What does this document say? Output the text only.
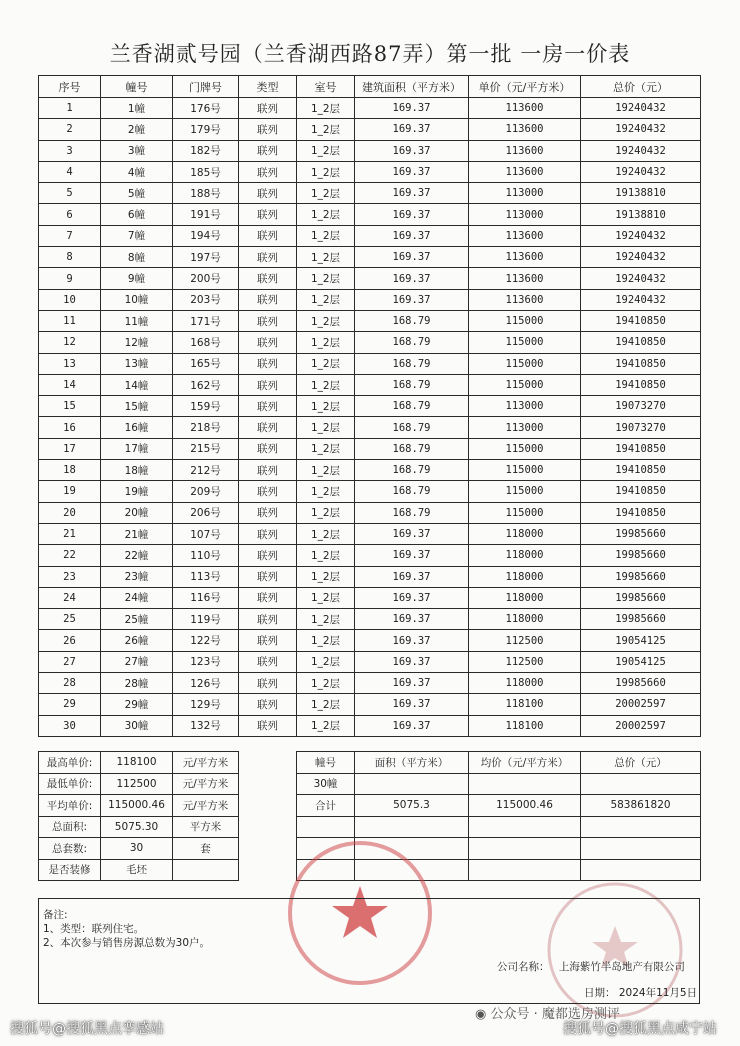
兰香湖贰号园（兰香湖西路87弄）第一批 一房一价表
序号	幢号	门牌号	类型	室号	建筑面积（平方米）	单价（元/平方米）	总价（元）
1	1幢	176号	联列	1_2层	169.37	113600	19240432
2	2幢	179号	联列	1_2层	169.37	113600	19240432
3	3幢	182号	联列	1_2层	169.37	113600	19240432
4	4幢	185号	联列	1_2层	169.37	113600	19240432
5	5幢	188号	联列	1_2层	169.37	113000	19138810
6	6幢	191号	联列	1_2层	169.37	113000	19138810
7	7幢	194号	联列	1_2层	169.37	113600	19240432
8	8幢	197号	联列	1_2层	169.37	113600	19240432
9	9幢	200号	联列	1_2层	169.37	113600	19240432
10	10幢	203号	联列	1_2层	169.37	113600	19240432
11	11幢	171号	联列	1_2层	168.79	115000	19410850
12	12幢	168号	联列	1_2层	168.79	115000	19410850
13	13幢	165号	联列	1_2层	168.79	115000	19410850
14	14幢	162号	联列	1_2层	168.79	115000	19410850
15	15幢	159号	联列	1_2层	168.79	113000	19073270
16	16幢	218号	联列	1_2层	168.79	113000	19073270
17	17幢	215号	联列	1_2层	168.79	115000	19410850
18	18幢	212号	联列	1_2层	168.79	115000	19410850
19	19幢	209号	联列	1_2层	168.79	115000	19410850
20	20幢	206号	联列	1_2层	168.79	115000	19410850
21	21幢	107号	联列	1_2层	169.37	118000	19985660
22	22幢	110号	联列	1_2层	169.37	118000	19985660
23	23幢	113号	联列	1_2层	169.37	118000	19985660
24	24幢	116号	联列	1_2层	169.37	118000	19985660
25	25幢	119号	联列	1_2层	169.37	118000	19985660
26	26幢	122号	联列	1_2层	169.37	112500	19054125
27	27幢	123号	联列	1_2层	169.37	112500	19054125
28	28幢	126号	联列	1_2层	169.37	118000	19985660
29	29幢	129号	联列	1_2层	169.37	118100	20002597
30	30幢	132号	联列	1_2层	169.37	118100	20002597
最高单价:	118100	元/平方米		幢号	面积（平方米）	均价（元/平方米）	总价（元）
最低单价:	112500	元/平方米		30幢			
平均单价:	115000.46	元/平方米		合计	5075.3	115000.46	583861820
总面积:	5075.30	平方米					
总套数:	30	套					
是否装修	毛坯						
备注:
1、类型：联列住宅。
2、本次参与销售房源总数为30户。
公司名称： 上海紫竹半岛地产有限公司
日期： 2024年11月5日
◉ 公众号 · 魔都选房测评
搜狐号@搜狐黑点孪感站	搜狐号@搜狐黑点咸宁站
